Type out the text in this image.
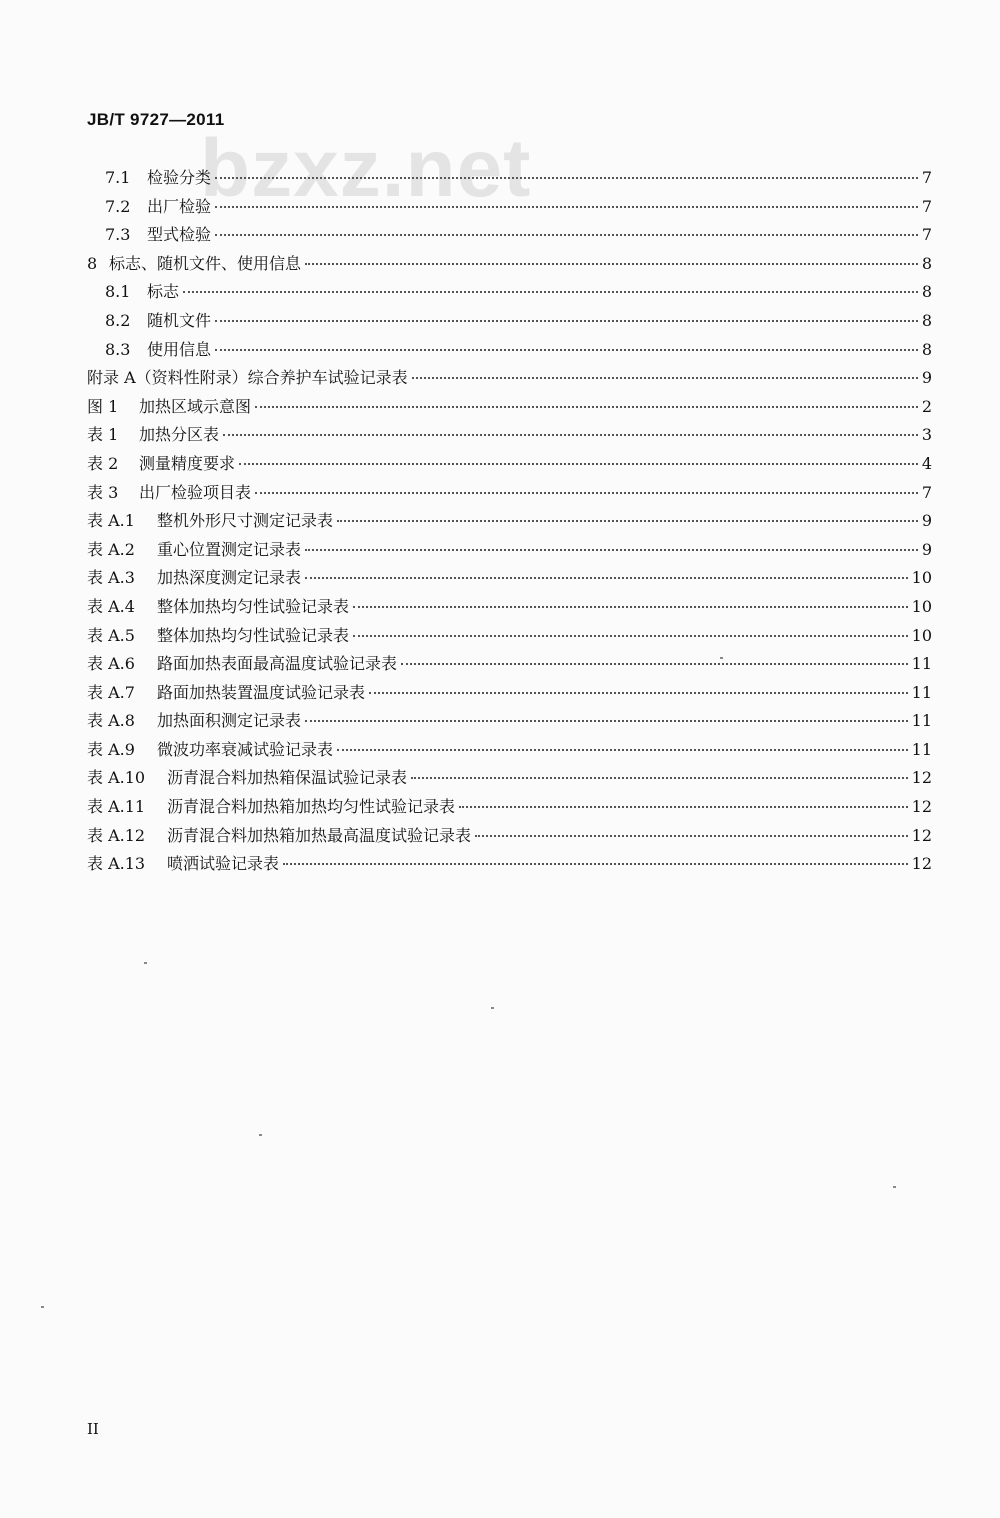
bzxz.net
JB/T 9727—2011
7.1	检验分类	7
7.2	出厂检验	7
7.3	型式检验	7
8 标志、随机文件、使用信息	8
8.1	标志	8
8.2	随机文件	8
8.3	使用信息	8
附录 A（资料性附录）综合养护车试验记录表	9
图 1	加热区域示意图	2
表 1	加热分区表	3
表 2	测量精度要求	4
表 3	出厂检验项目表	7
表 A.1	整机外形尺寸测定记录表	9
表 A.2	重心位置测定记录表	9
表 A.3	加热深度测定记录表	10
表 A.4	整体加热均匀性试验记录表	10
表 A.5	整体加热均匀性试验记录表	10
表 A.6	路面加热表面最高温度试验记录表	11
表 A.7	路面加热装置温度试验记录表	11
表 A.8	加热面积测定记录表	11
表 A.9	微波功率衰减试验记录表	11
表 A.10	沥青混合料加热箱保温试验记录表	12
表 A.11	沥青混合料加热箱加热均匀性试验记录表	12
表 A.12	沥青混合料加热箱加热最高温度试验记录表	12
表 A.13	喷洒试验记录表	12
II
